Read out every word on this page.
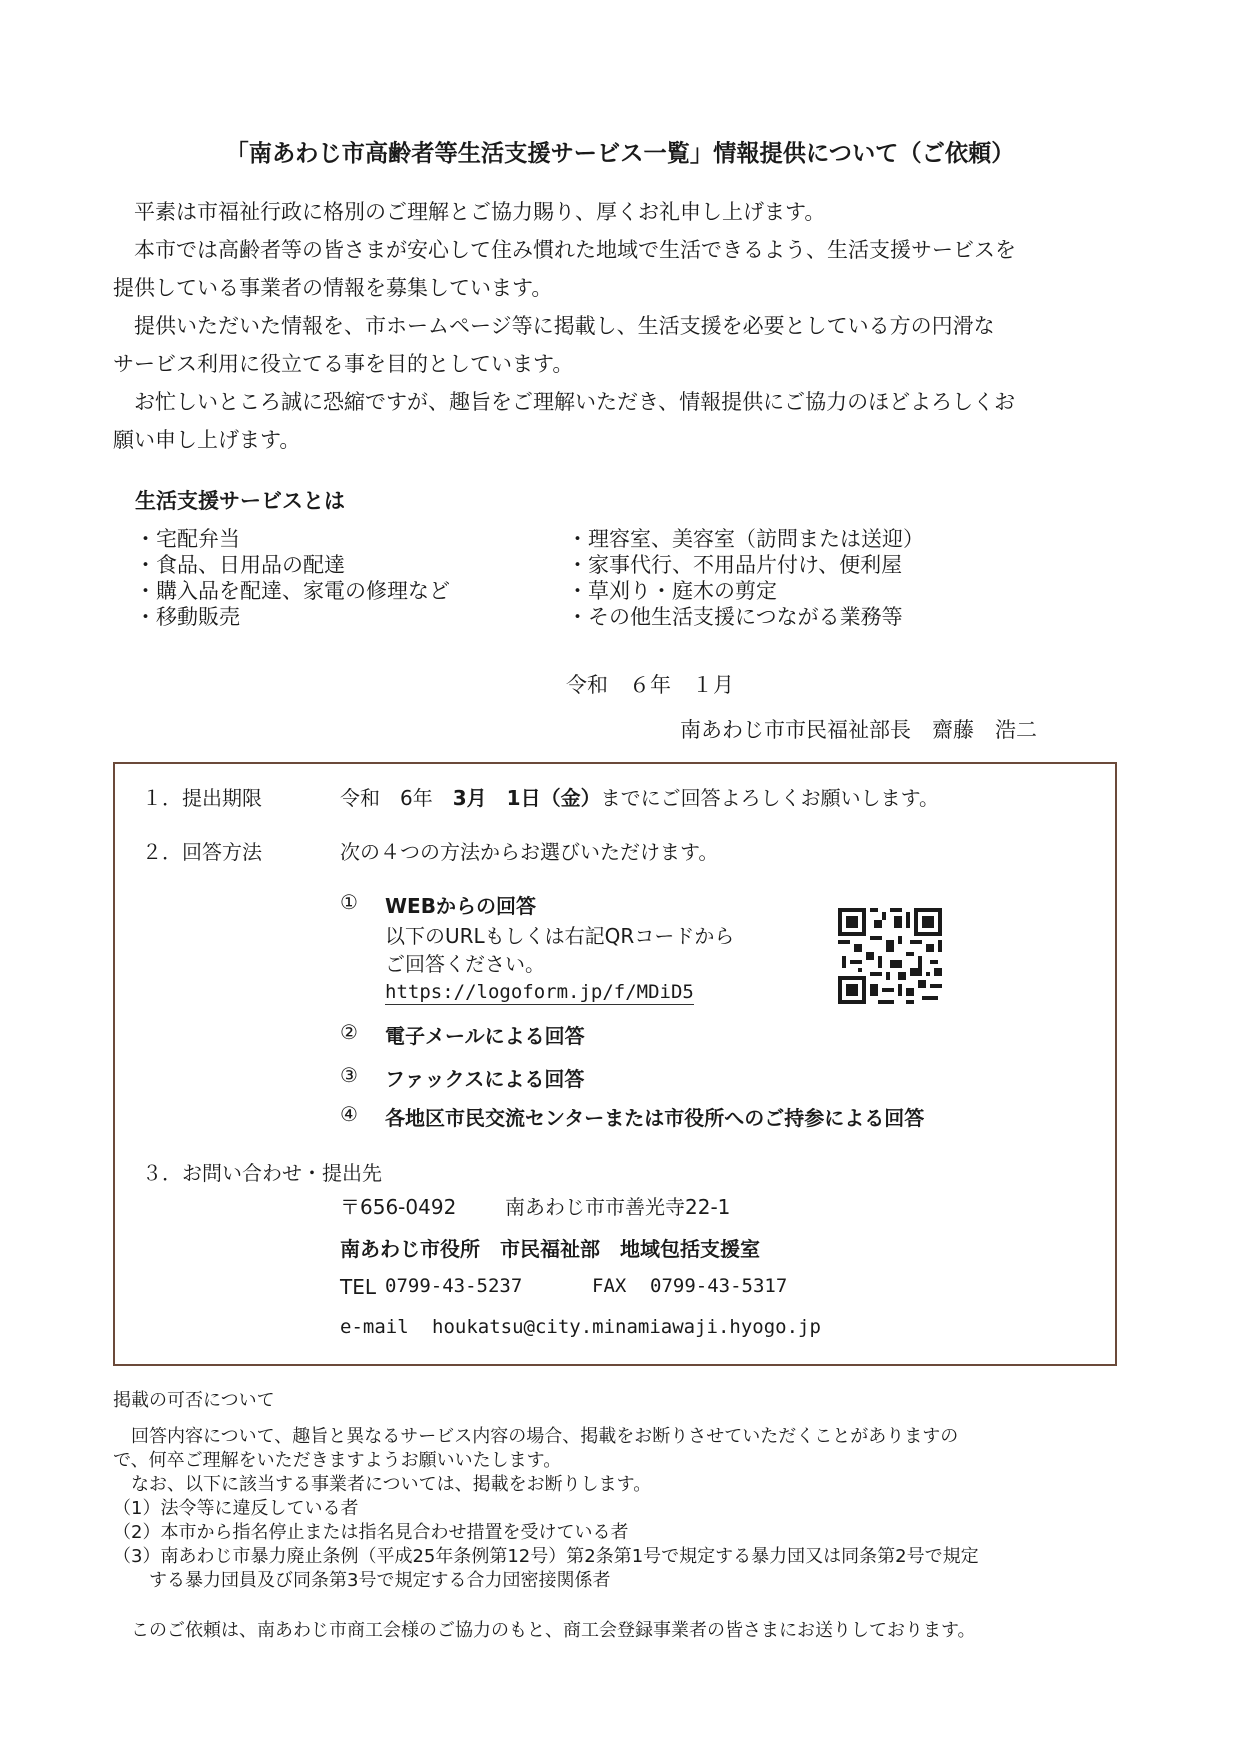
「南あわじ市高齢者等生活支援サービス一覧」情報提供について（ご依頼）
　平素は市福祉行政に格別のご理解とご協力賜り、厚くお礼申し上げます。
　本市では高齢者等の皆さまが安心して住み慣れた地域で生活できるよう、生活支援サービスを
提供している事業者の情報を募集しています。
　提供いただいた情報を、市ホームページ等に掲載し、生活支援を必要としている方の円滑な
サービス利用に役立てる事を目的としています。
　お忙しいところ誠に恐縮ですが、趣旨をご理解いただき、情報提供にご協力のほどよろしくお
願い申し上げます。
生活支援サービスとは
・宅配弁当
・食品、日用品の配達
・購入品を配達、家電の修理など
・移動販売
・理容室、美容室（訪問または送迎）
・家事代行、不用品片付け、便利屋
・草刈り・庭木の剪定
・その他生活支援につながる業務等
令和　６年　１月
南あわじ市市民福祉部長　齋藤　浩二
１．提出期限	令和　6年　3月　1日（金）までにご回答よろしくお願いします。
２．回答方法	次の４つの方法からお選びいただけます。
① WEBからの回答
以下のURLもしくは右記QRコードから
ご回答ください。
https://logoform.jp/f/MDiD5
② 電子メールによる回答
③ ファックスによる回答
④ 各地区市民交流センターまたは市役所へのご持参による回答
３．お問い合わせ・提出先
〒656-0492 南あわじ市市善光寺22-1
南あわじ市役所　市民福祉部　地域包括支援室
TEL 0799-43-5237	FAX 0799-43-5317
e-mail houkatsu@city.minamiawaji.hyogo.jp
掲載の可否について
　回答内容について、趣旨と異なるサービス内容の場合、掲載をお断りさせていただくことがありますの
で、何卒ご理解をいただきますようお願いいたします。
　なお、以下に該当する事業者については、掲載をお断りします。
（1）法令等に違反している者
（2）本市から指名停止または指名見合わせ措置を受けている者
（3）南あわじ市暴力廃止条例（平成25年条例第12号）第2条第1号で規定する暴力団又は同条第2号で規定
　　する暴力団員及び同条第3号で規定する合力団密接関係者
　このご依頼は、南あわじ市商工会様のご協力のもと、商工会登録事業者の皆さまにお送りしております。
